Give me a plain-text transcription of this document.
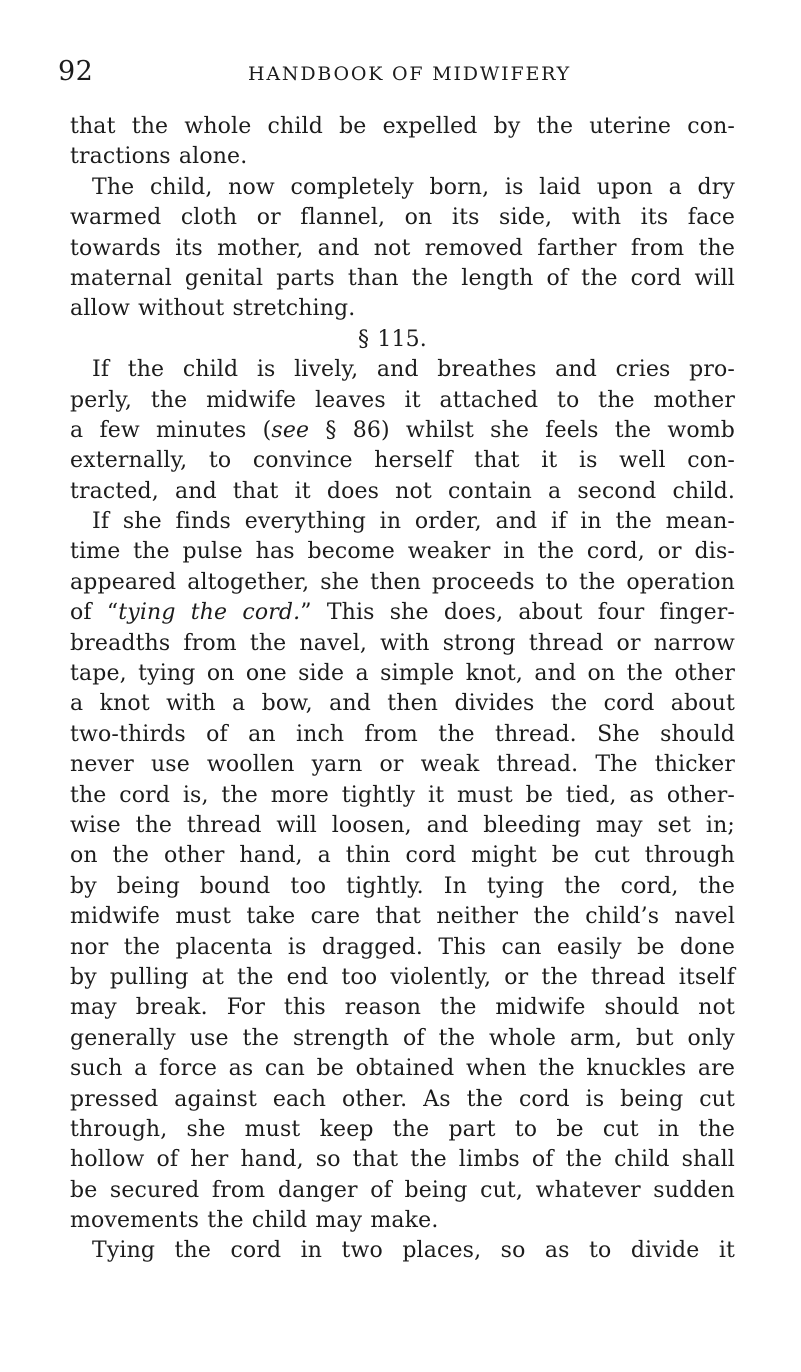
92	HANDBOOK OF MIDWIFERY
that the whole child be expelled by the uterine con-
tractions alone.
The child, now completely born, is laid upon a dry
warmed cloth or flannel, on its side, with its face
towards its mother, and not removed farther from the
maternal genital parts than the length of the cord will
allow without stretching.
§ 115.
If the child is lively, and breathes and cries pro-
perly, the midwife leaves it attached to the mother
a few minutes (see § 86) whilst she feels the womb
externally, to convince herself that it is well con-
tracted, and that it does not contain a second child.
If she finds everything in order, and if in the mean-
time the pulse has become weaker in the cord, or dis-
appeared altogether, she then proceeds to the operation
of “tying the cord.” This she does, about four finger-
breadths from the navel, with strong thread or narrow
tape, tying on one side a simple knot, and on the other
a knot with a bow, and then divides the cord about
two-thirds of an inch from the thread. She should
never use woollen yarn or weak thread. The thicker
the cord is, the more tightly it must be tied, as other-
wise the thread will loosen, and bleeding may set in;
on the other hand, a thin cord might be cut through
by being bound too tightly. In tying the cord, the
midwife must take care that neither the child’s navel
nor the placenta is dragged. This can easily be done
by pulling at the end too violently, or the thread itself
may break. For this reason the midwife should not
generally use the strength of the whole arm, but only
such a force as can be obtained when the knuckles are
pressed against each other. As the cord is being cut
through, she must keep the part to be cut in the
hollow of her hand, so that the limbs of the child shall
be secured from danger of being cut, whatever sudden
movements the child may make.
Tying the cord in two places, so as to divide it
